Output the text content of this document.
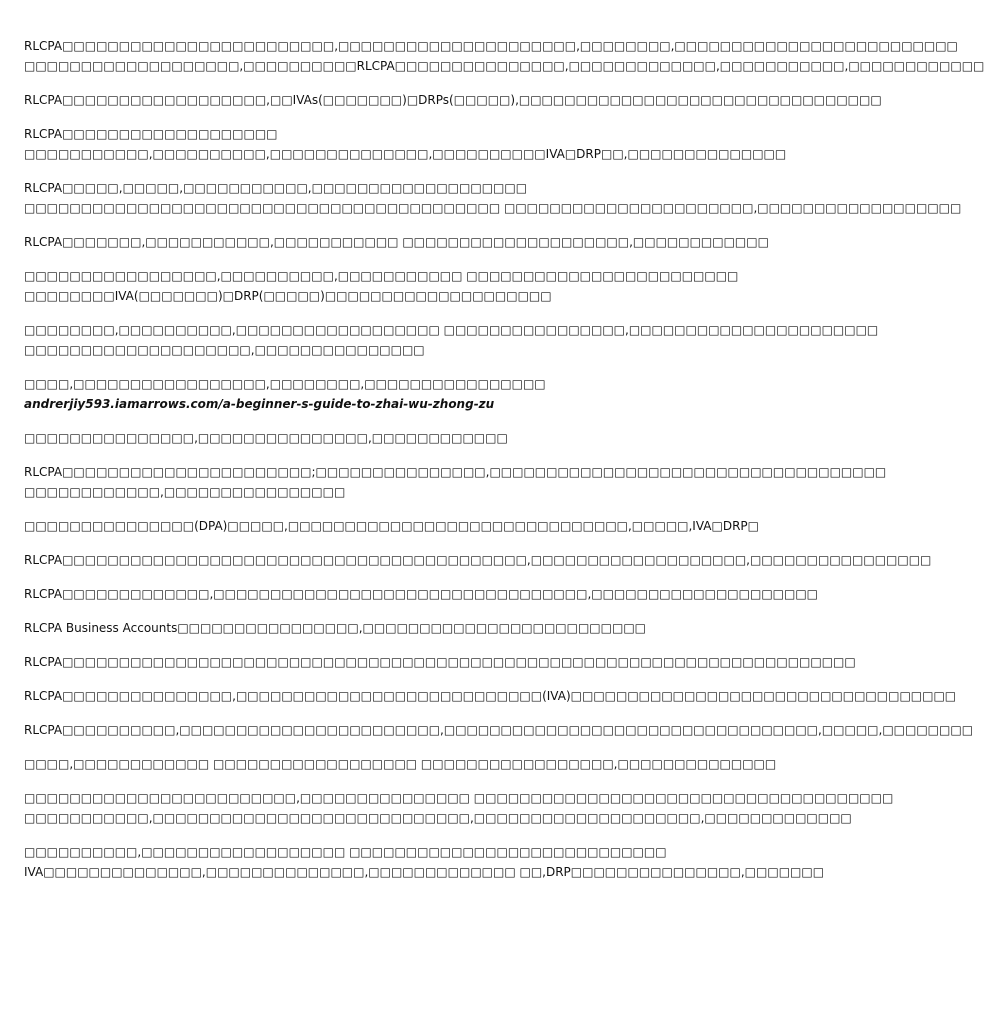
RLCPA□□□□□□□□□□□□□□□□□□□□□□□□,□□□□□□□□□□□□□□□□□□□□□,□□□□□□□□,□□□□□□□□□□□□□□□□□□□□□□□□□
□□□□□□□□□□□□□□□□□□□,□□□□□□□□□□RLCPA□□□□□□□□□□□□□□□,□□□□□□□□□□□□□,□□□□□□□□□□□,□□□□□□□□□□□□

RLCPA□□□□□□□□□□□□□□□□□□,□□IVAs(□□□□□□□)□DRPs(□□□□□),□□□□□□□□□□□□□□□□□□□□□□□□□□□□□□□□

RLCPA□□□□□□□□□□□□□□□□□□□
□□□□□□□□□□□,□□□□□□□□□□,□□□□□□□□□□□□□□,□□□□□□□□□□IVA□DRP□□,□□□□□□□□□□□□□□

RLCPA□□□□□,□□□□□,□□□□□□□□□□□,□□□□□□□□□□□□□□□□□□□
□□□□□□□□□□□□□□□□□□□□□□□□□□□□□□□□□□□□□□□□□□ □□□□□□□□□□□□□□□□□□□□□□,□□□□□□□□□□□□□□□□□□

RLCPA□□□□□□□,□□□□□□□□□□□,□□□□□□□□□□□ □□□□□□□□□□□□□□□□□□□□,□□□□□□□□□□□□

□□□□□□□□□□□□□□□□□,□□□□□□□□□□,□□□□□□□□□□□ □□□□□□□□□□□□□□□□□□□□□□□□
□□□□□□□□IVA(□□□□□□□)□DRP(□□□□□)□□□□□□□□□□□□□□□□□□□□

□□□□□□□□,□□□□□□□□□□,□□□□□□□□□□□□□□□□□□ □□□□□□□□□□□□□□□□,□□□□□□□□□□□□□□□□□□□□□□
□□□□□□□□□□□□□□□□□□□□,□□□□□□□□□□□□□□□

□□□□,□□□□□□□□□□□□□□□□□,□□□□□□□□,□□□□□□□□□□□□□□□□ andrerjiy593.iamarrows.com/a-beginner-s-guide-to-zhai-wu-zhong-zu

□□□□□□□□□□□□□□□,□□□□□□□□□□□□□□□,□□□□□□□□□□□□

RLCPA□□□□□□□□□□□□□□□□□□□□□□;□□□□□□□□□□□□□□□,□□□□□□□□□□□□□□□□□□□□□□□□□□□□□□□□□□□
□□□□□□□□□□□□,□□□□□□□□□□□□□□□□

□□□□□□□□□□□□□□□(DPA)□□□□□,□□□□□□□□□□□□□□□□□□□□□□□□□□□□□□,□□□□□,IVA□DRP□

RLCPA□□□□□□□□□□□□□□□□□□□□□□□□□□□□□□□□□□□□□□□□□,□□□□□□□□□□□□□□□□□□□,□□□□□□□□□□□□□□□□

RLCPA□□□□□□□□□□□□□,□□□□□□□□□□□□□□□□□□□□□□□□□□□□□□□□□,□□□□□□□□□□□□□□□□□□□□

RLCPA Business Accounts□□□□□□□□□□□□□□□□,□□□□□□□□□□□□□□□□□□□□□□□□□

RLCPA□□□□□□□□□□□□□□□□□□□□□□□□□□□□□□□□□□□□□□□□□□□□□□□□□□□□□□□□□□□□□□□□□□□□□□

RLCPA□□□□□□□□□□□□□□□,□□□□□□□□□□□□□□□□□□□□□□□□□□□(IVA)□□□□□□□□□□□□□□□□□□□□□□□□□□□□□□□□□□

RLCPA□□□□□□□□□□,□□□□□□□□□□□□□□□□□□□□□□□,□□□□□□□□□□□□□□□□□□□□□□□□□□□□□□□□□,□□□□□,□□□□□□□□

□□□□,□□□□□□□□□□□□ □□□□□□□□□□□□□□□□□□ □□□□□□□□□□□□□□□□□,□□□□□□□□□□□□□□

□□□□□□□□□□□□□□□□□□□□□□□□,□□□□□□□□□□□□□□□ □□□□□□□□□□□□□□□□□□□□□□□□□□□□□□□□□□□□□
□□□□□□□□□□□,□□□□□□□□□□□□□□□□□□□□□□□□□□□□,□□□□□□□□□□□□□□□□□□□□,□□□□□□□□□□□□□

□□□□□□□□□□,□□□□□□□□□□□□□□□□□□ □□□□□□□□□□□□□□□□□□□□□□□□□□□□
IVA□□□□□□□□□□□□□□,□□□□□□□□□□□□□□,□□□□□□□□□□□□□ □□,DRP□□□□□□□□□□□□□□□,□□□□□□□
